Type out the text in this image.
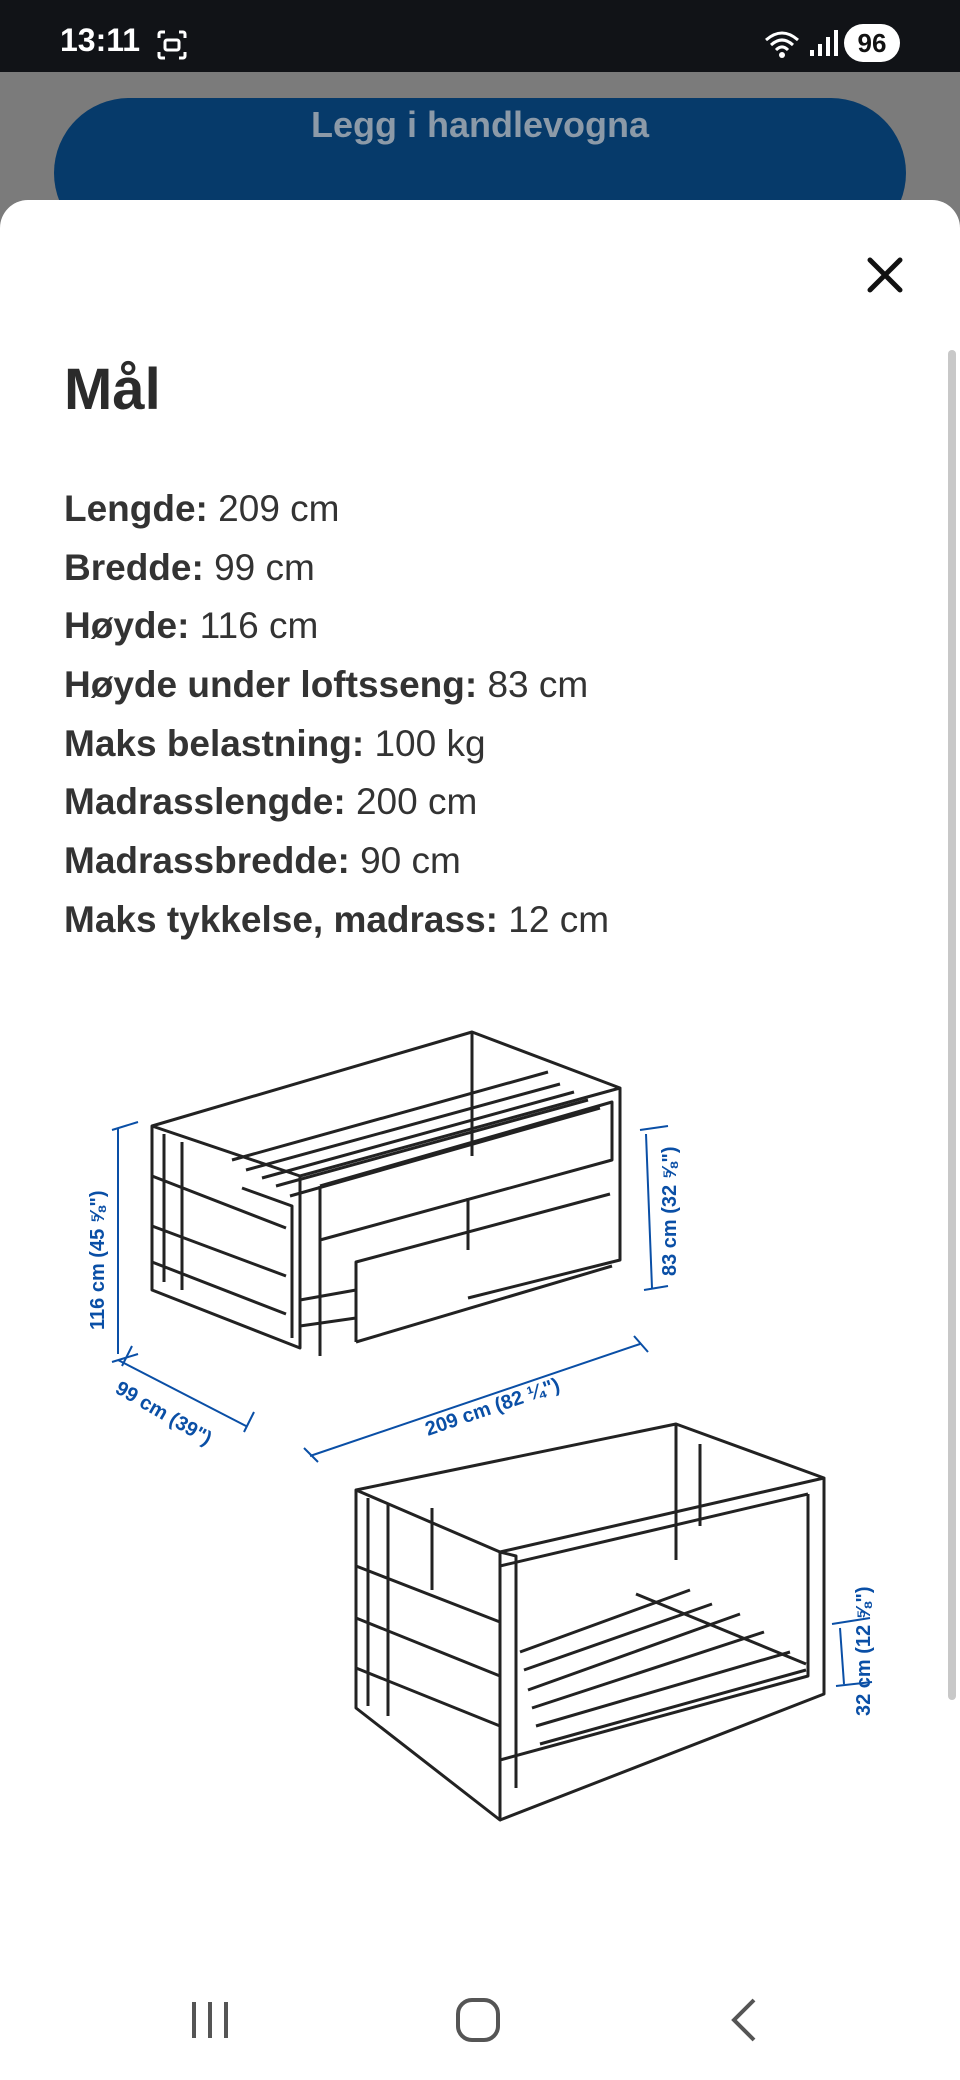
13:11	96
Legg i handlevogna
Mål
Lengde: 209 cm
Bredde: 99 cm
Høyde: 116 cm
Høyde under loftsseng: 83 cm
Maks belastning: 100 kg
Madrasslengde: 200 cm
Madrassbredde: 90 cm
Maks tykkelse, madrass: 12 cm
116 cm (45 ⅝")
99 cm (39")	209 cm (82 ¼")
83 cm (32 ⅝")
32 cm (12 ⅝")
